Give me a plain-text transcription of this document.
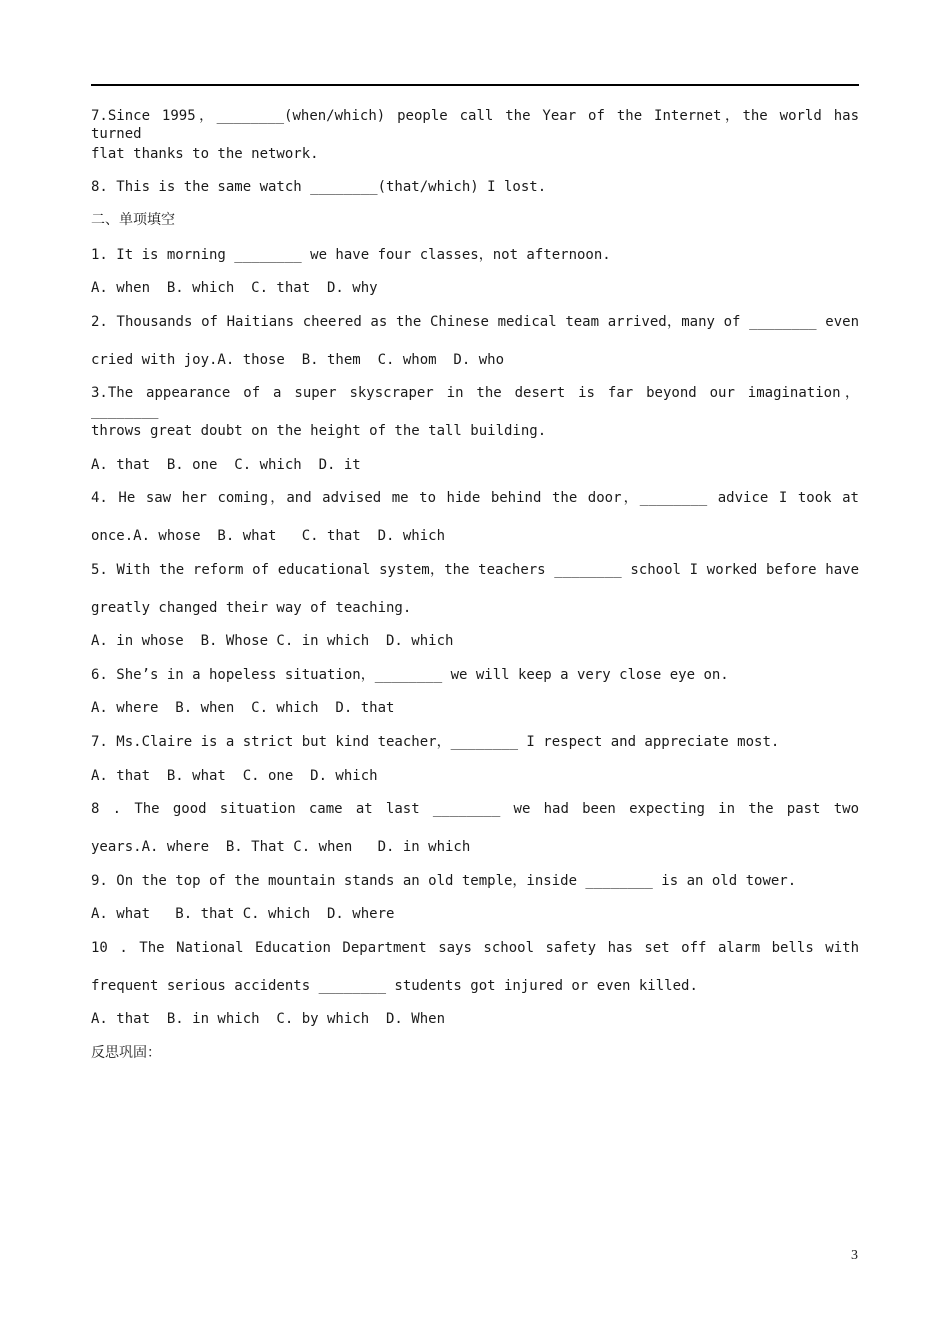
7.Since 1995，________(when/which) people call the Year of the Internet，the world has turned
flat thanks to the network.
8. This is the same watch ________(that/which) I lost.
二、单项填空
1. It is morning ________ we have four classes，not afternoon.
A. when  B. which  C. that  D. why
2. Thousands of Haitians cheered as the Chinese medical team arrived，many of ________ even
cried with joy.A. those  B. them  C. whom  D. who
3.The appearance of a super skyscraper in the desert is far beyond our imagination，________
throws great doubt on the height of the tall building.
A. that  B. one  C. which  D. it
4. He saw her coming，and advised me to hide behind the door，________ advice I took at
once.A. whose  B. what   C. that  D. which
5. With the reform of educational system，the teachers ________ school I worked before have
greatly changed their way of teaching.
A. in whose  B. Whose C. in which  D. which
6. She’s in a hopeless situation，________ we will keep a very close eye on.
A. where  B. when  C. which  D. that
7. Ms.Claire is a strict but kind teacher，________ I respect and appreciate most.
A. that  B. what  C. one  D. which
8 . The good situation came at last ________ we had been expecting in the past two
years.A. where  B. That C. when   D. in which
9. On the top of the mountain stands an old temple，inside ________ is an old tower.
A. what   B. that C. which  D. where
10 . The National Education Department says school safety has set off alarm bells with
frequent serious accidents ________ students got injured or even killed.
A. that  B. in which  C. by which  D. When
反思巩固：
3
